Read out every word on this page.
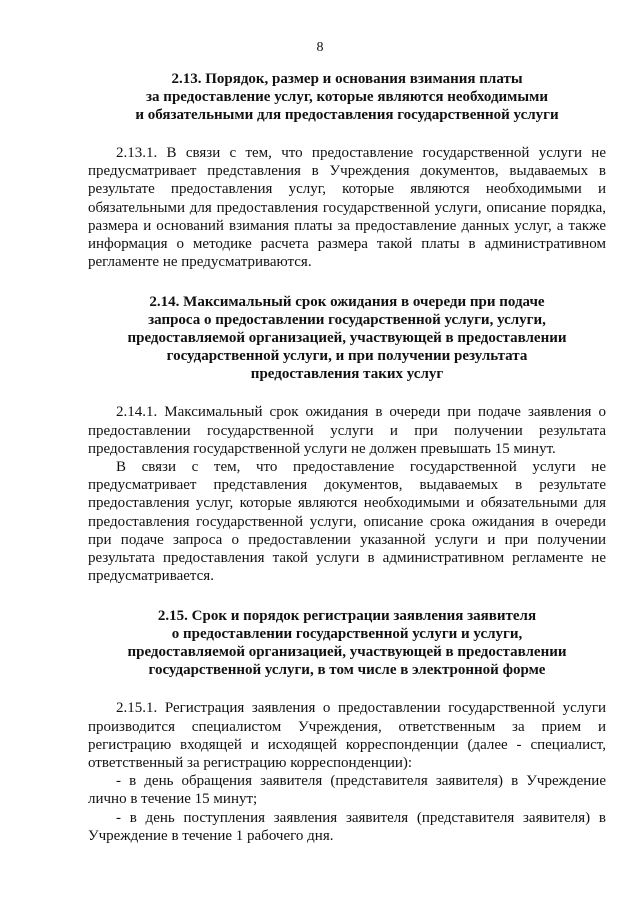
8
2.13. Порядок, размер и основания взимания платы
за предоставление услуг, которые являются необходимыми
и обязательными для предоставления государственной услуги

2.13.1. В связи с тем, что предоставление государственной услуги не предусматривает представления в Учреждения документов, выдаваемых в результате предоставления услуг, которые являются необходимыми и обязательными для предоставления государственной услуги, описание порядка, размера и оснований взимания платы за предоставление данных услуг, а также информация о методике расчета размера такой платы в административном регламенте не предусматриваются.

2.14. Максимальный срок ожидания в очереди при подаче
запроса о предоставлении государственной услуги, услуги,
предоставляемой организацией, участвующей в предоставлении
государственной услуги, и при получении результата
предоставления таких услуг

2.14.1. Максимальный срок ожидания в очереди при подаче заявления о предоставлении государственной услуги и при получении результата предоставления государственной услуги не должен превышать 15 минут.

В связи с тем, что предоставление государственной услуги не предусматривает представления документов, выдаваемых в результате предоставления услуг, которые являются необходимыми и обязательными для предоставления государственной услуги, описание срока ожидания в очереди при подаче запроса о предоставлении указанной услуги и при получении результата предоставления такой услуги в административном регламенте не предусматривается.

2.15. Срок и порядок регистрации заявления заявителя
о предоставлении государственной услуги и услуги,
предоставляемой организацией, участвующей в предоставлении
государственной услуги, в том числе в электронной форме

2.15.1. Регистрация заявления о предоставлении государственной услуги производится специалистом Учреждения, ответственным за прием и регистрацию входящей и исходящей корреспонденции (далее - специалист, ответственный за регистрацию корреспонденции):

- в день обращения заявителя (представителя заявителя) в Учреждение лично в течение 15 минут;

- в день поступления заявления заявителя (представителя заявителя) в Учреждение в течение 1 рабочего дня.
